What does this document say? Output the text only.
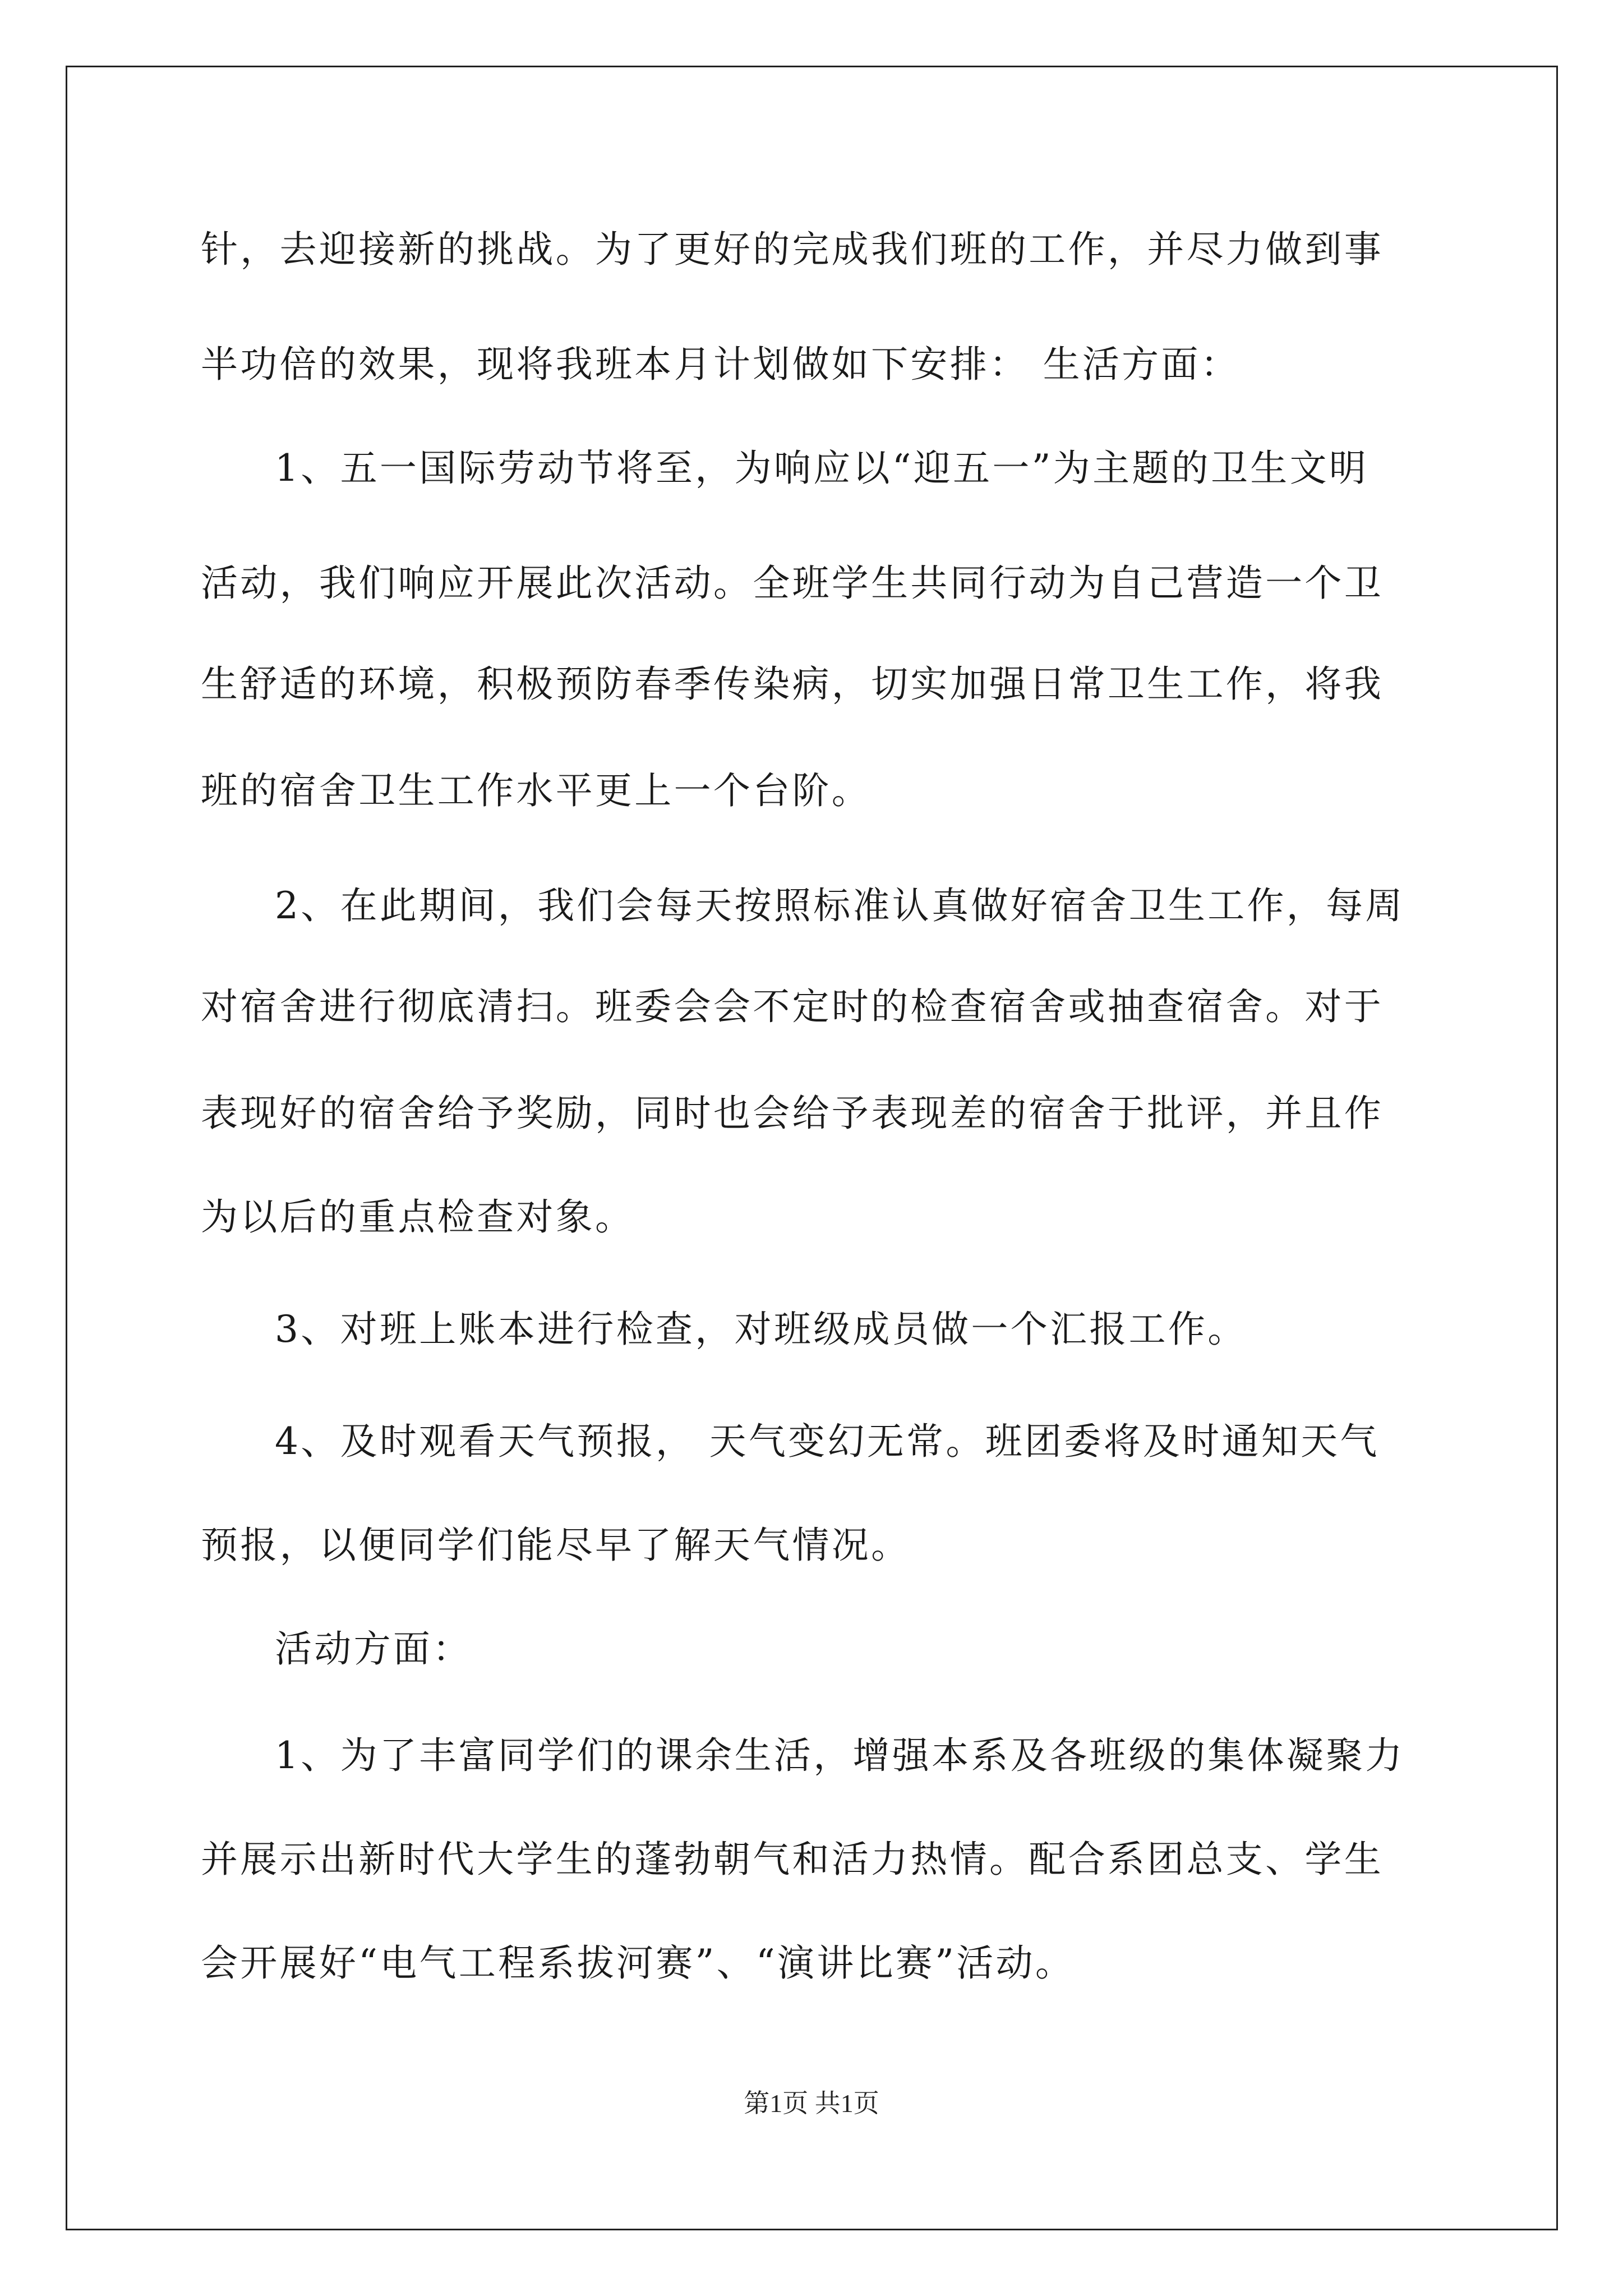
针，去迎接新的挑战。为了更好的完成我们班的工作，并尽力做到事
半功倍的效果，现将我班本月计划做如下安排： 生活方面：
1、五一国际劳动节将至，为响应以“迎五一”为主题的卫生文明
活动，我们响应开展此次活动。全班学生共同行动为自己营造一个卫
生舒适的环境，积极预防春季传染病，切实加强日常卫生工作，将我
班的宿舍卫生工作水平更上一个台阶。
2、在此期间，我们会每天按照标准认真做好宿舍卫生工作，每周
对宿舍进行彻底清扫。班委会会不定时的检查宿舍或抽查宿舍。对于
表现好的宿舍给予奖励，同时也会给予表现差的宿舍于批评，并且作
为以后的重点检查对象。
3、对班上账本进行检查，对班级成员做一个汇报工作。
4、及时观看天气预报， 天气变幻无常。班团委将及时通知天气
预报，以便同学们能尽早了解天气情况。
活动方面：
1、为了丰富同学们的课余生活，增强本系及各班级的集体凝聚力
并展示出新时代大学生的蓬勃朝气和活力热情。配合系团总支、学生
会开展好“电气工程系拔河赛”、“演讲比赛”活动。
第1页 共1页
